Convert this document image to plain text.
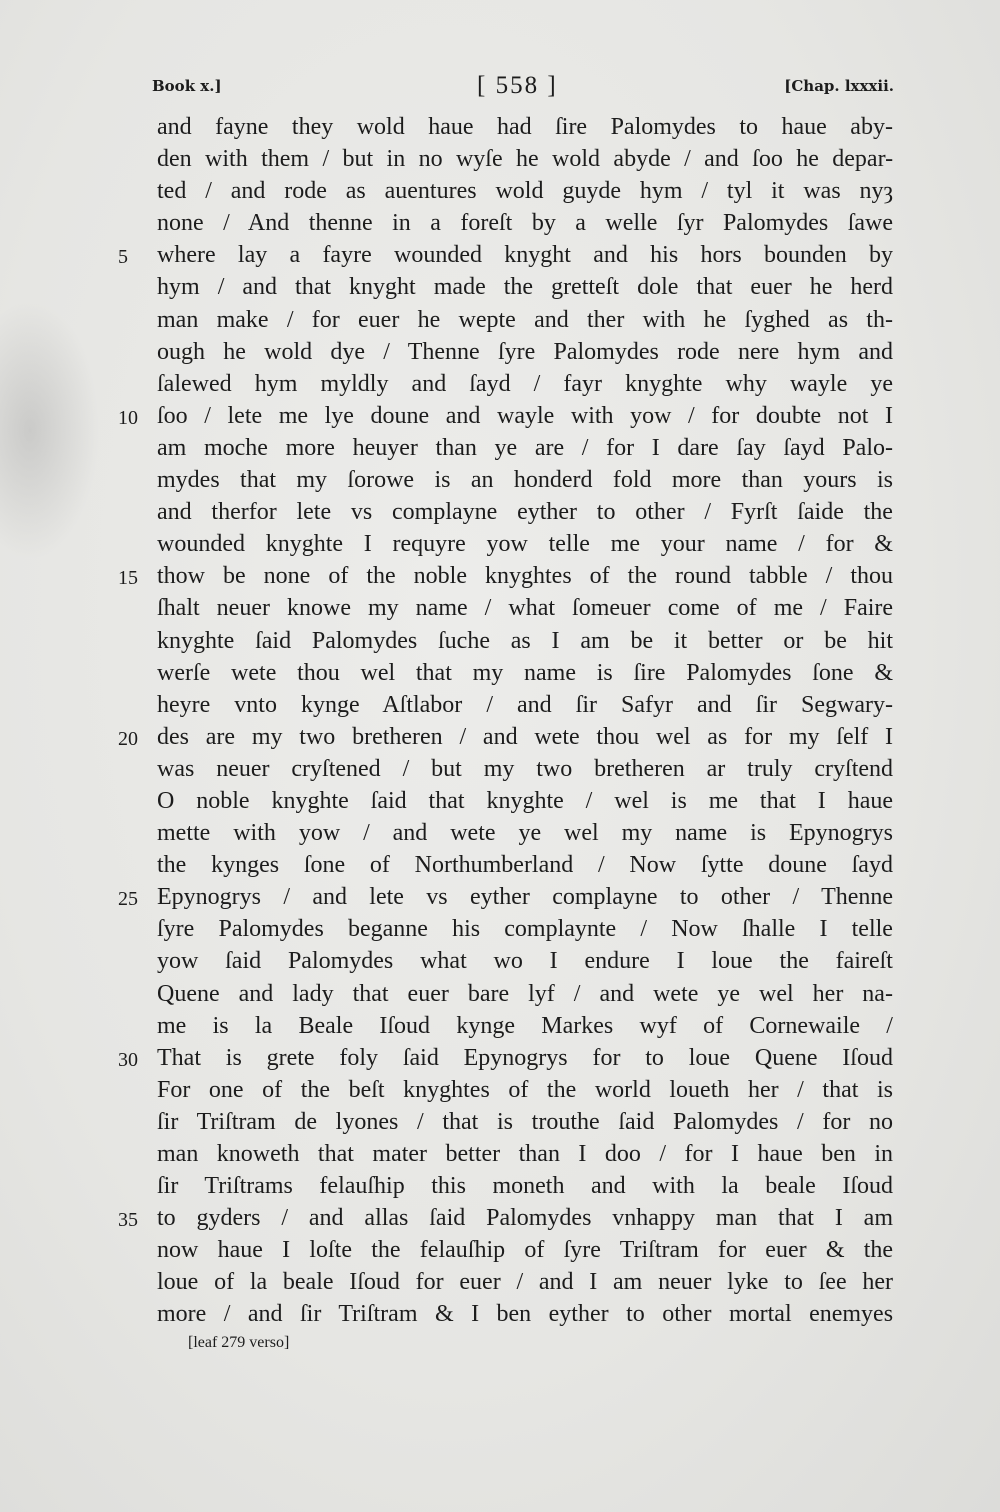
Book x.]	[ 558 ]	[Chap. lxxxii.
and fayne they wold haue had ſire Palomydes to haue aby-
den with them / but in no wyſe he wold abyde / and ſoo he depar-
ted / and rode as auentures wold guyde hym / tyl it was nyȝ
none / And thenne in a foreſt by a welle ſyr Palomydes ſawe
5	where lay a fayre wounded knyght and his hors bounden by
hym / and that knyght made the gretteſt dole that euer he herd
man make / for euer he wepte and ther with he ſyghed as th-
ough he wold dye / Thenne ſyre Palomydes rode nere hym and
ſalewed hym myldly and ſayd / fayr knyghte why wayle ye
10 ſoo / lete me lye doune and wayle with yow / for doubte not I
am moche more heuyer than ye are / for I dare ſay ſayd Palo-
mydes that my ſorowe is an honderd fold more than yours is
and therfor lete vs complayne eyther to other / Fyrſt ſaide the
wounded knyghte I requyre yow telle me your name / for &
15 thow be none of the noble knyghtes of the round tabble / thou
ſhalt neuer knowe my name / what ſomeuer come of me / Faire
knyghte ſaid Palomydes ſuche as I am be it better or be hit
werſe wete thou wel that my name is ſire Palomydes ſone &
heyre vnto kynge Aſtlabor / and ſir Safyr and ſir Segwary-
20 des are my two bretheren / and wete thou wel as for my ſelf I
was neuer cryſtened / but my two bretheren ar truly cryſtend
O noble knyghte ſaid that knyghte / wel is me that I haue
mette with yow / and wete ye wel my name is Epynogrys
the kynges ſone of Northumberland / Now ſytte doune ſayd
25 Epynogrys / and lete vs eyther complayne to other / Thenne
ſyre Palomydes beganne his complaynte / Now ſhalle I telle
yow ſaid Palomydes what wo I endure I loue the faireſt
Quene and lady that euer bare lyf / and wete ye wel her na-
me is la Beale Iſoud kynge Markes wyf of Cornewaile /
30 That is grete foly ſaid Epynogrys for to loue Quene Iſoud
For one of the beſt knyghtes of the world loueth her / that is
ſir Triſtram de lyones / that is trouthe ſaid Palomydes / for no
man knoweth that mater better than I doo / for I haue ben in
ſir Triſtrams felauſhip this moneth and with la beale Iſoud
35 to gyders / and allas ſaid Palomydes vnhappy man that I am
now haue I loſte the felauſhip of ſyre Triſtram for euer & the
loue of la beale Iſoud for euer / and I am neuer lyke to ſee her
more / and ſir Triſtram & I ben eyther to other mortal enemyes
[leaf 279 verso]
